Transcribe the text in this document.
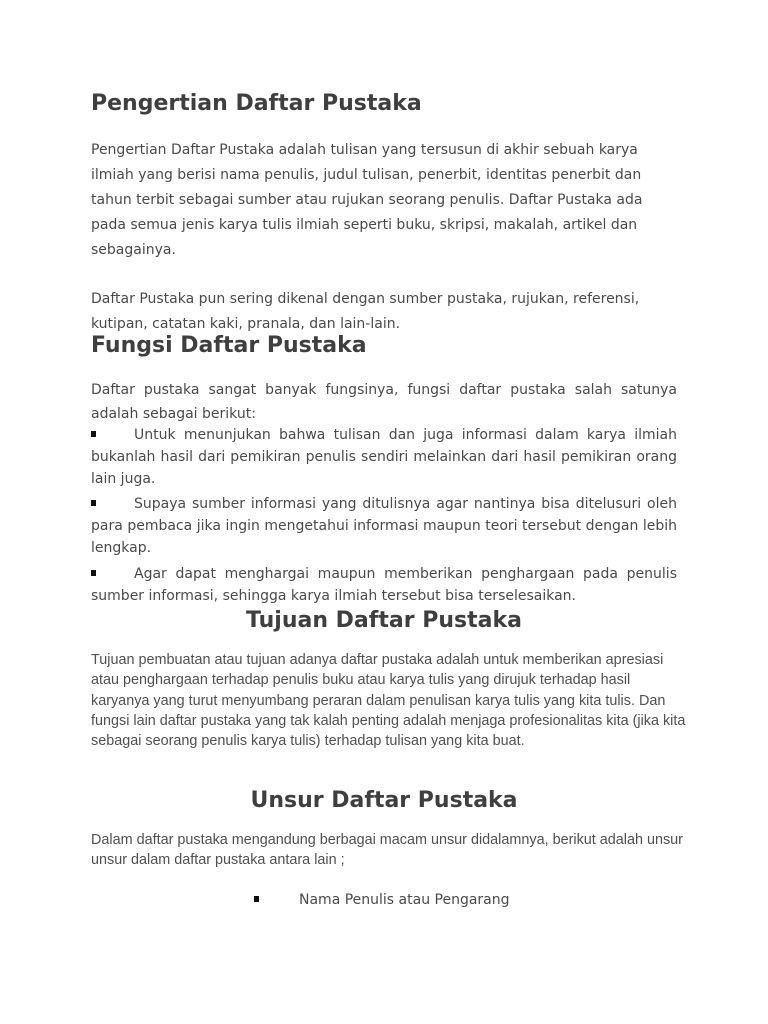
Pengertian Daftar Pustaka

Pengertian Daftar Pustaka adalah tulisan yang tersusun di akhir sebuah karya ilmiah yang berisi nama penulis, judul tulisan, penerbit, identitas penerbit dan tahun terbit sebagai sumber atau rujukan seorang penulis. Daftar Pustaka ada pada semua jenis karya tulis ilmiah seperti buku, skripsi, makalah, artikel dan sebagainya.

Daftar Pustaka pun sering dikenal dengan sumber pustaka, rujukan, referensi, kutipan, catatan kaki, pranala, dan lain-lain.

Fungsi Daftar Pustaka

Daftar pustaka sangat banyak fungsinya, fungsi daftar pustaka salah satunya adalah sebagai berikut:

Untuk menunjukan bahwa tulisan dan juga informasi dalam karya ilmiah bukanlah hasil dari pemikiran penulis sendiri melainkan dari hasil pemikiran orang lain juga.

Supaya sumber informasi yang ditulisnya agar nantinya bisa ditelusuri oleh para pembaca jika ingin mengetahui informasi maupun teori tersebut dengan lebih lengkap.

Agar dapat menghargai maupun memberikan penghargaan pada penulis sumber informasi, sehingga karya ilmiah tersebut bisa terselesaikan.

Tujuan Daftar Pustaka

Tujuan pembuatan atau tujuan adanya daftar pustaka adalah untuk memberikan apresiasi atau penghargaan terhadap penulis buku atau karya tulis yang dirujuk terhadap hasil karyanya yang turut menyumbang peraran dalam penulisan karya tulis yang kita tulis. Dan fungsi lain daftar pustaka yang tak kalah penting adalah menjaga profesionalitas kita (jika kita sebagai seorang penulis karya tulis) terhadap tulisan yang kita buat.

Unsur Daftar Pustaka

Dalam daftar pustaka mengandung berbagai macam unsur didalamnya, berikut adalah unsur unsur dalam daftar pustaka antara lain ;

Nama Penulis atau Pengarang
